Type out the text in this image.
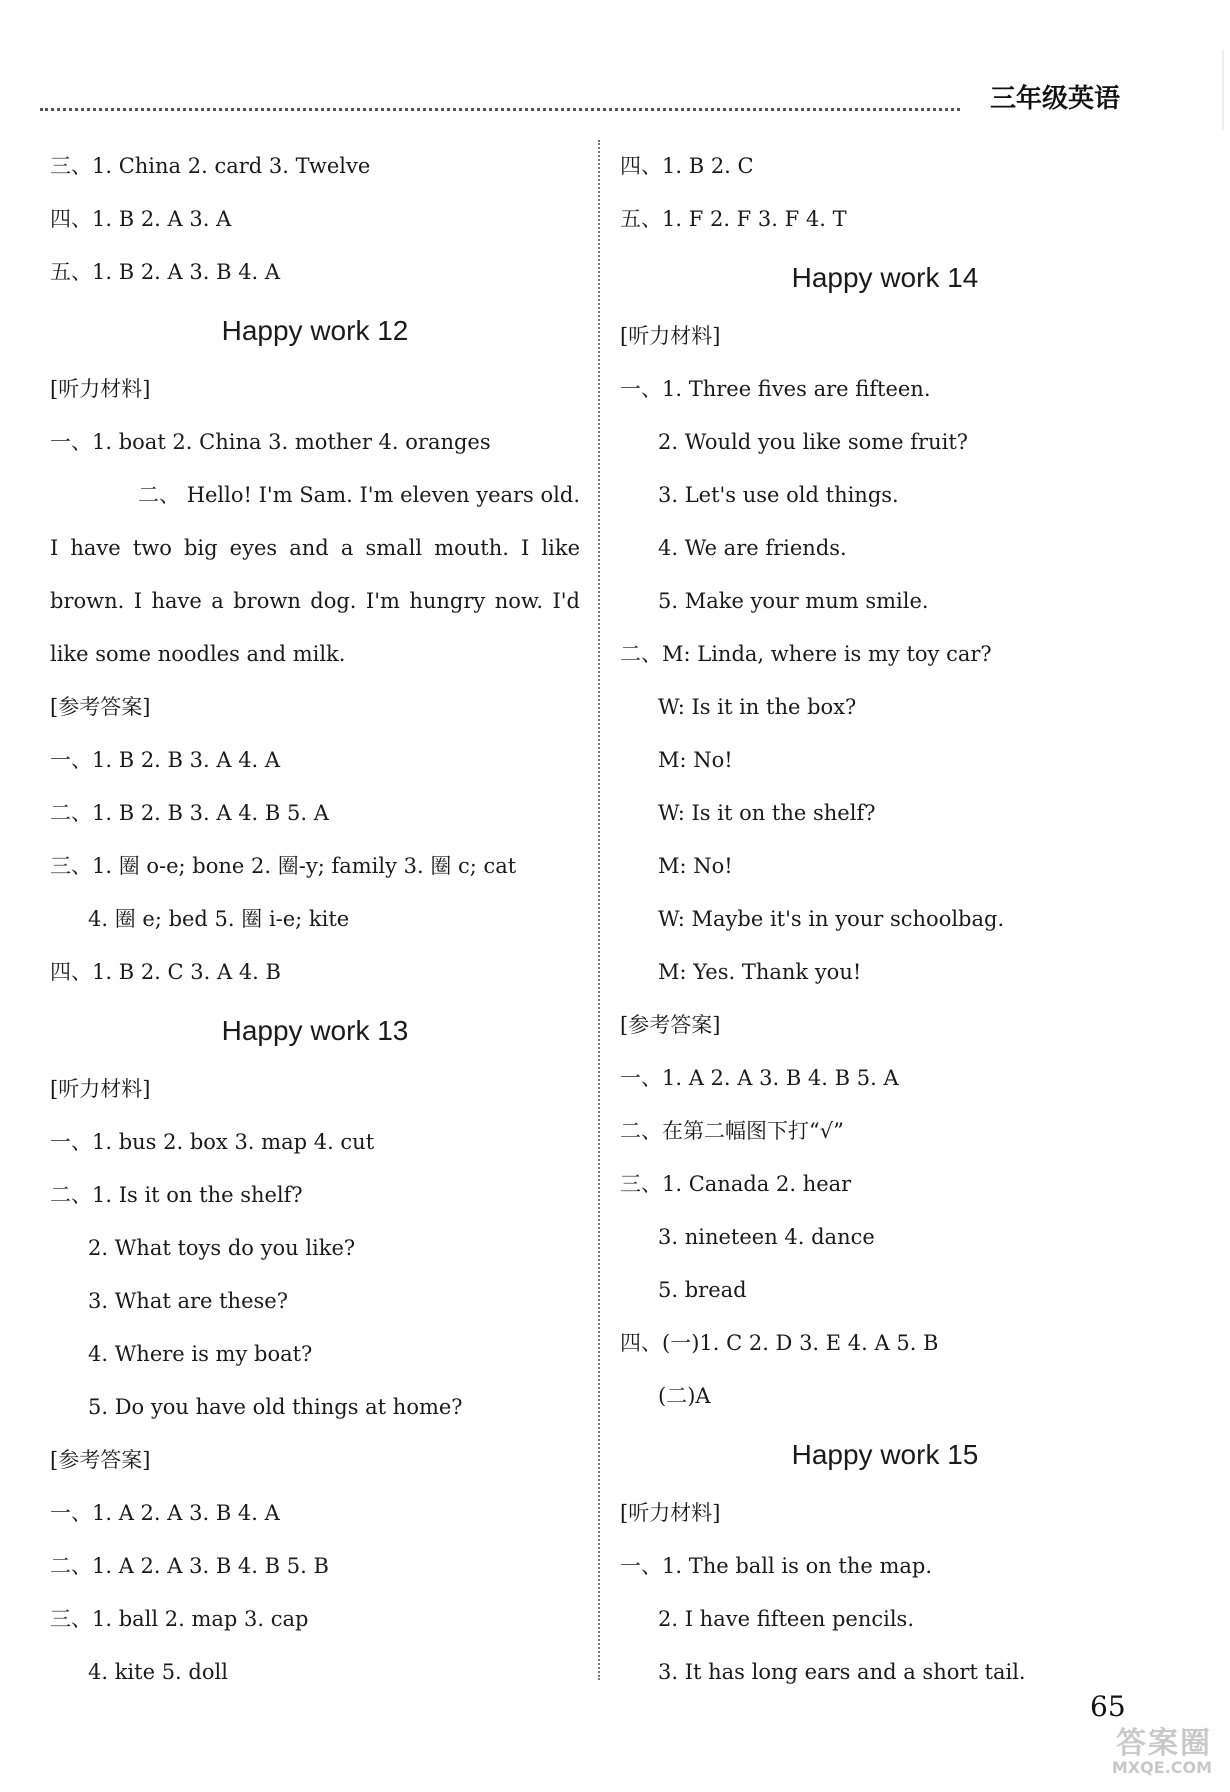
三年级英语
三、1. China 2. card 3. Twelve
四、1. B 2. A 3. A
五、1. B 2. A 3. B 4. A
Happy work 12
[听力材料]
一、1. boat 2. China 3. mother 4. oranges
二、 Hello! I'm Sam. I'm eleven years old. I have two big eyes and a small mouth. I like brown. I have a brown dog. I'm hungry now. I'd like some noodles and milk.
[参考答案]
一、1. B 2. B 3. A 4. A
二、1. B 2. B 3. A 4. B 5. A
三、1. 圈 o-e; bone 2. 圈-y; family 3. 圈 c; cat
4. 圈 e; bed 5. 圈 i-e; kite
四、1. B 2. C 3. A 4. B
Happy work 13
[听力材料]
一、1. bus 2. box 3. map 4. cut
二、1. Is it on the shelf?
2. What toys do you like?
3. What are these?
4. Where is my boat?
5. Do you have old things at home?
[参考答案]
一、1. A 2. A 3. B 4. A
二、1. A 2. A 3. B 4. B 5. B
三、1. ball 2. map 3. cap
4. kite 5. doll
四、1. B 2. C
五、1. F 2. F 3. F 4. T
Happy work 14
[听力材料]
一、1. Three fives are fifteen.
2. Would you like some fruit?
3. Let's use old things.
4. We are friends.
5. Make your mum smile.
二、M: Linda, where is my toy car?
W: Is it in the box?
M: No!
W: Is it on the shelf?
M: No!
W: Maybe it's in your schoolbag.
M: Yes. Thank you!
[参考答案]
一、1. A 2. A 3. B 4. B 5. A
二、在第二幅图下打“√”
三、1. Canada 2. hear
3. nineteen 4. dance
5. bread
四、(一)1. C 2. D 3. E 4. A 5. B
(二)A
Happy work 15
[听力材料]
一、1. The ball is on the map.
2. I have fifteen pencils.
3. It has long ears and a short tail.
65
答案圈
MXQE.COM
